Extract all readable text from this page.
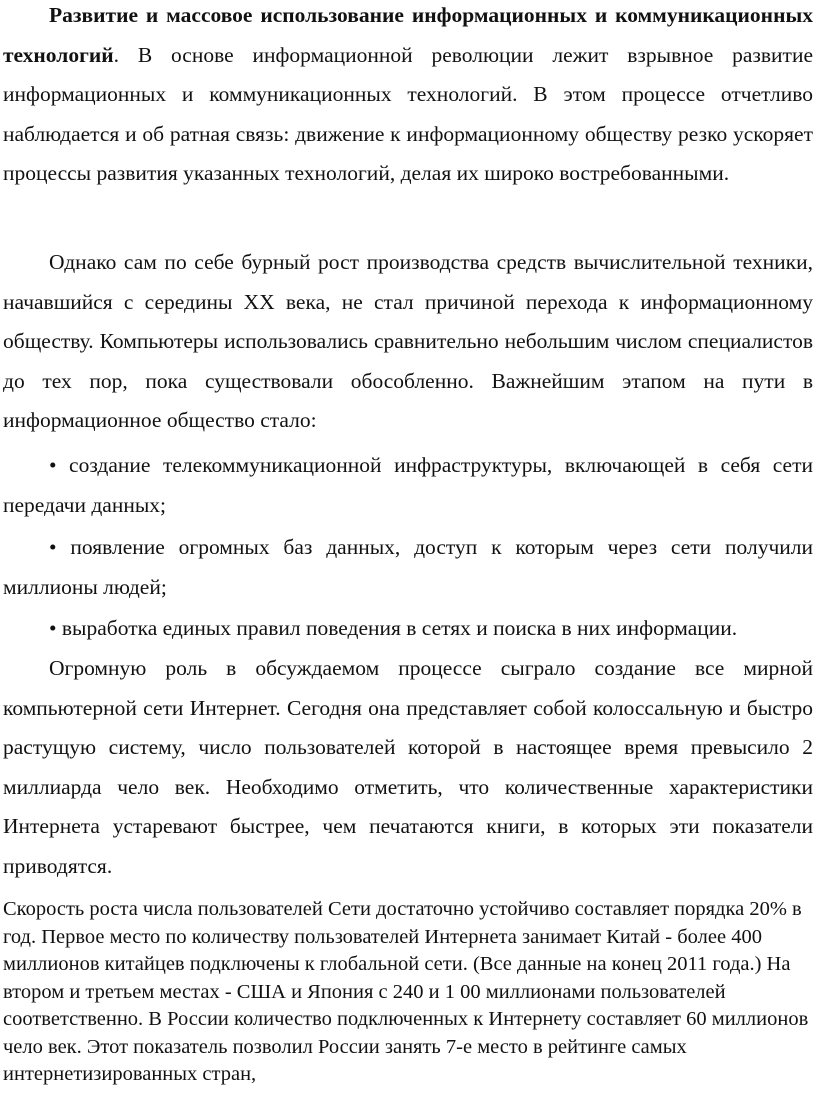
Развитие и массовое использование информационных и коммуникационных технологий. В основе информационной революции лежит взрывное развитие информационных и коммуникационных технологий. В этом процессе отчетливо наблюдается и об ратная связь: движение к информационному обществу резко ускоряет процессы развития указанных технологий, делая их широко востребованными.

Однако сам по себе бурный рост производства средств вычислительной техники, начавшийся с середины XX века, не стал причиной перехода к информационному обществу. Компьютеры использовались сравнительно небольшим числом специалистов до тех пор, пока существовали обособленно. Важнейшим этапом на пути в информационное общество стало:

• создание телекоммуникационной инфраструктуры, включающей в себя сети передачи данных;

• появление огромных баз данных, доступ к которым через сети получили миллионы людей;

• выработка единых правил поведения в сетях и поиска в них информации.

Огромную роль в обсуждаемом процессе сыграло создание все мирной компьютерной сети Интернет. Сегодня она представляет собой колоссальную и быстро растущую систему, число пользователей которой в настоящее время превысило 2 миллиарда чело век. Необходимо отметить, что количественные характеристики Интернета устаревают быстрее, чем печатаются книги, в которых эти показатели приводятся.

Скорость роста числа пользователей Сети достаточно устойчиво составляет порядка 20% в год. Первое место по количеству пользователей Интернета занимает Китай - более 400 миллионов китайцев подключены к глобальной сети. (Все данные на конец 2011 года.) На втором и третьем местах - США и Япония с 240 и 1 00 миллионами пользователей соответственно. В России количество подключенных к Интернету составляет 60 миллионов чело век. Этот показатель позволил России занять 7-е место в рейтинге самых интернетизированных стран,
